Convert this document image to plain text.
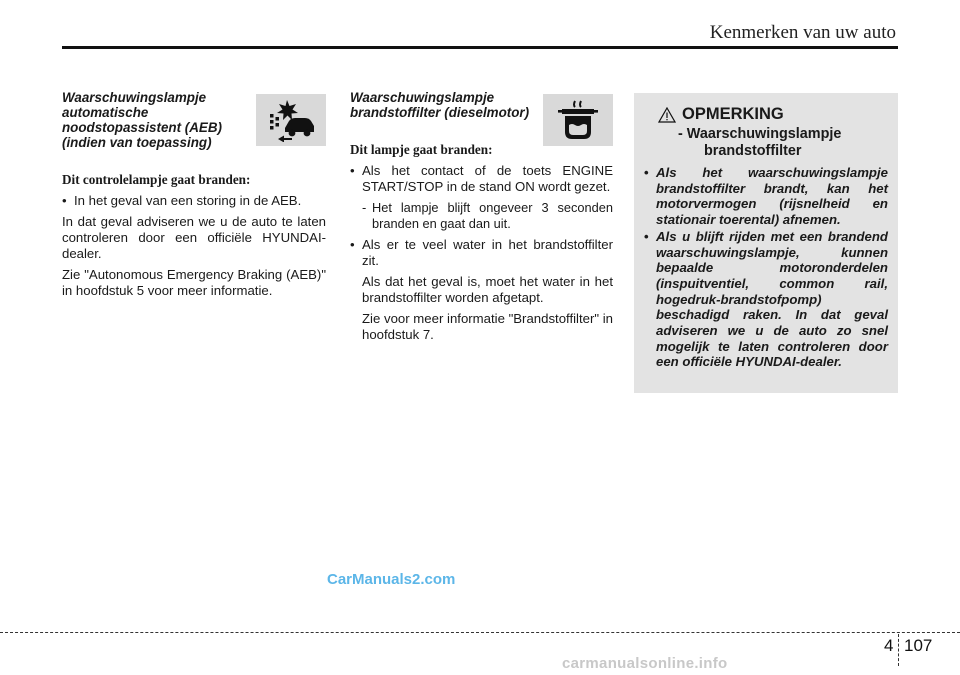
Kenmerken van uw auto
Waarschuwingslampje automatische noodstopassistent (AEB) (indien van toepassing)
Dit controlelampje gaat branden:

• In het geval van een storing in de AEB.

In dat geval adviseren we u de auto te laten controleren door een officiële HYUNDAI-dealer.

Zie "Autonomous Emergency Braking (AEB)" in hoofdstuk 5 voor meer informatie.

Waarschuwingslampje brandstoffilter (dieselmotor)
Dit lampje gaat branden:

• Als het contact of de toets ENGINE START/STOP in de stand ON wordt gezet.

- Het lampje blijft ongeveer 3 seconden branden en gaat dan uit.

• Als er te veel water in het brandstoffilter zit.

Als dat het geval is, moet het water in het brandstoffilter worden afgetapt.

Zie voor meer informatie "Brandstoffilter" in hoofdstuk 7.

OPMERKING
- Waarschuwingslampje
brandstoffilter

• Als het waarschuwingslampje brandstoffilter brandt, kan het motorvermogen (rijsnelheid en stationair toerental) afnemen.

• Als u blijft rijden met een brandend waarschuwingslampje, kunnen bepaalde motoronderdelen (inspuitventiel, common rail, hogedruk-brandstofpomp) beschadigd raken. In dat geval adviseren we u de auto zo snel mogelijk te laten controleren door een officiële HYUNDAI-dealer.

CarManuals2.com
4 107
carmanualsonline.info
